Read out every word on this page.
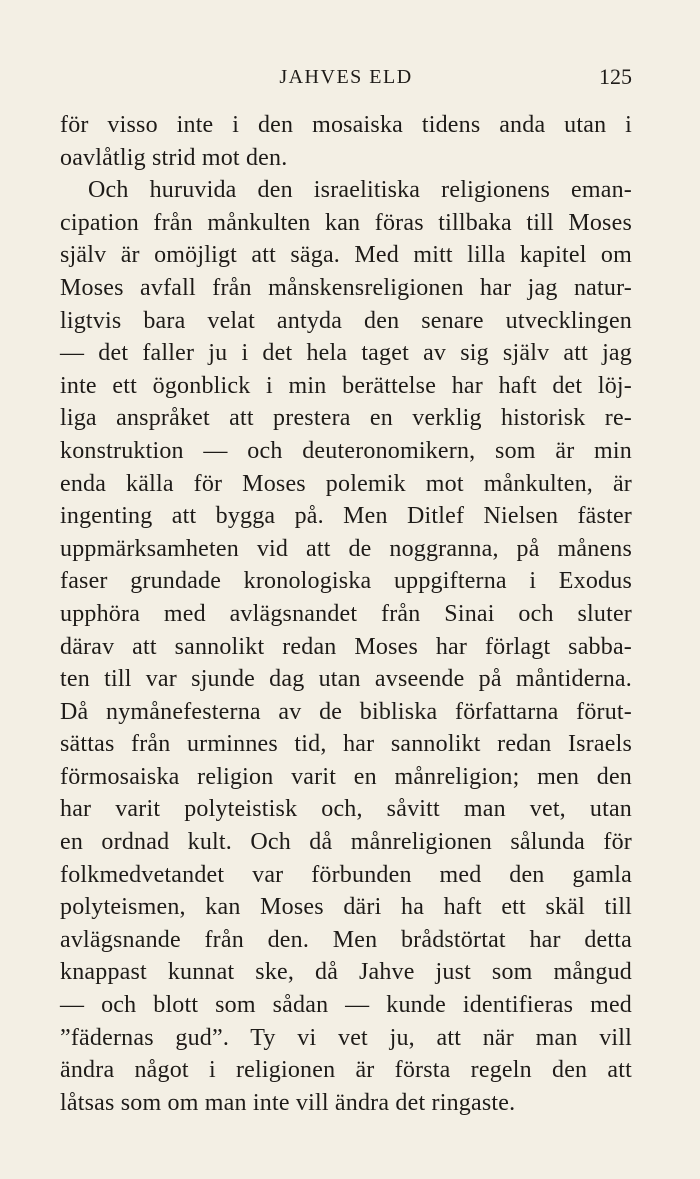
JAHVES ELD	125
för visso inte i den mosaiska tidens anda utan i
oavlåtlig strid mot den.
Och huruvida den israelitiska religionens eman-
cipation från månkulten kan föras tillbaka till Moses
själv är omöjligt att säga. Med mitt lilla kapitel om
Moses avfall från månskensreligionen har jag natur-
ligtvis bara velat antyda den senare utvecklingen
— det faller ju i det hela taget av sig själv att jag
inte ett ögonblick i min berättelse har haft det löj-
liga anspråket att prestera en verklig historisk re-
konstruktion — och deuteronomikern, som är min
enda källa för Moses polemik mot månkulten, är
ingenting att bygga på. Men Ditlef Nielsen fäster
uppmärksamheten vid att de noggranna, på månens
faser grundade kronologiska uppgifterna i Exodus
upphöra med avlägsnandet från Sinai och sluter
därav att sannolikt redan Moses har förlagt sabba-
ten till var sjunde dag utan avseende på måntiderna.
Då nymånefesterna av de bibliska författarna förut-
sättas från urminnes tid, har sannolikt redan Israels
förmosaiska religion varit en månreligion; men den
har varit polyteistisk och, såvitt man vet, utan
en ordnad kult. Och då månreligionen sålunda för
folkmedvetandet var förbunden med den gamla
polyteismen, kan Moses däri ha haft ett skäl till
avlägsnande från den. Men brådstörtat har detta
knappast kunnat ske, då Jahve just som mångud
— och blott som sådan — kunde identifieras med
”fädernas gud”. Ty vi vet ju, att när man vill
ändra något i religionen är första regeln den att
låtsas som om man inte vill ändra det ringaste.
